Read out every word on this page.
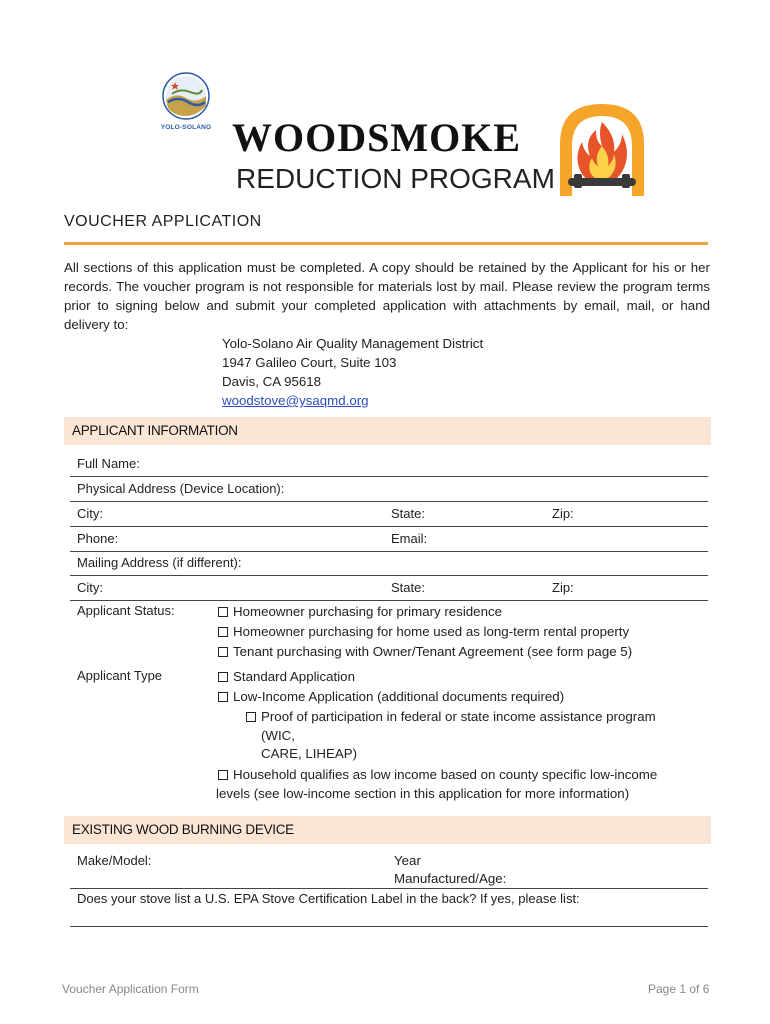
YOLO-SOLANO WOODSMOKE
REDUCTION PROGRAM
VOUCHER APPLICATION
All sections of this application must be completed. A copy should be retained by the Applicant for his or her records. The voucher program is not responsible for materials lost by mail. Please review the program terms prior to signing below and submit your completed application with attachments by email, mail, or hand delivery to:
Yolo-Solano Air Quality Management District
1947 Galileo Court, Suite 103
Davis, CA 95618
woodstove@ysaqmd.org
APPLICANT INFORMATION
Full Name:
Physical Address (Device Location):
City:	State:	Zip:
Phone:	Email:
Mailing Address (if different):
City:	State:	Zip:
Applicant Status:	Homeowner purchasing for primary residence
Homeowner purchasing for home used as long-term rental property
Tenant purchasing with Owner/Tenant Agreement (see form page 5)
Applicant Type	Standard Application
Low-Income Application (additional documents required)
Proof of participation in federal or state income assistance program
(WIC,
CARE, LIHEAP)
Household qualifies as low income based on county specific low-income
levels (see low-income section in this application for more information)
EXISTING WOOD BURNING DEVICE
Make/Model:	Year
Manufactured/Age:
Does your stove list a U.S. EPA Stove Certification Label in the back? If yes, please list:
Voucher Application Form	Page 1 of 6
